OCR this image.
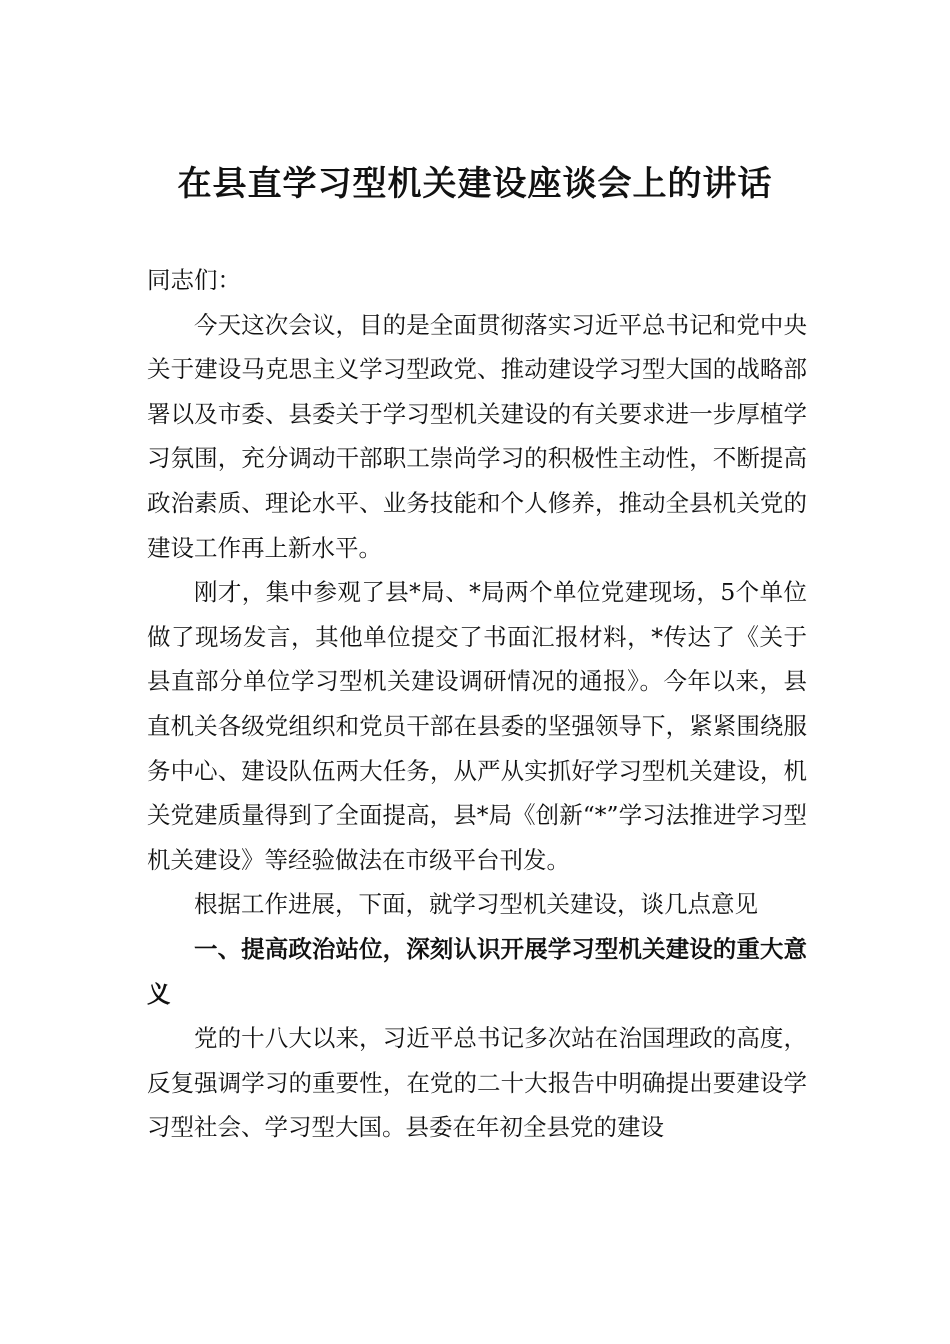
在县直学习型机关建设座谈会上的讲话

同志们：

今天这次会议，目的是全面贯彻落实习近平总书记和党中央关于建设马克思主义学习型政党、推动建设学习型大国的战略部署以及市委、县委关于学习型机关建设的有关要求进一步厚植学习氛围，充分调动干部职工崇尚学习的积极性主动性，不断提高政治素质、理论水平、业务技能和个人修养，推动全县机关党的建设工作再上新水平。

刚才，集中参观了县*局、*局两个单位党建现场，5个单位做了现场发言，其他单位提交了书面汇报材料，*传达了《关于县直部分单位学习型机关建设调研情况的通报》。今年以来，县直机关各级党组织和党员干部在县委的坚强领导下，紧紧围绕服务中心、建设队伍两大任务，从严从实抓好学习型机关建设，机关党建质量得到了全面提高，县*局《创新“*”学习法推进学习型机关建设》等经验做法在市级平台刊发。

根据工作进展，下面，就学习型机关建设，谈几点意见

一、提高政治站位，深刻认识开展学习型机关建设的重大意义

党的十八大以来，习近平总书记多次站在治国理政的高度，反复强调学习的重要性，在党的二十大报告中明确提出要建设学习型社会、学习型大国。县委在年初全县党的建设
